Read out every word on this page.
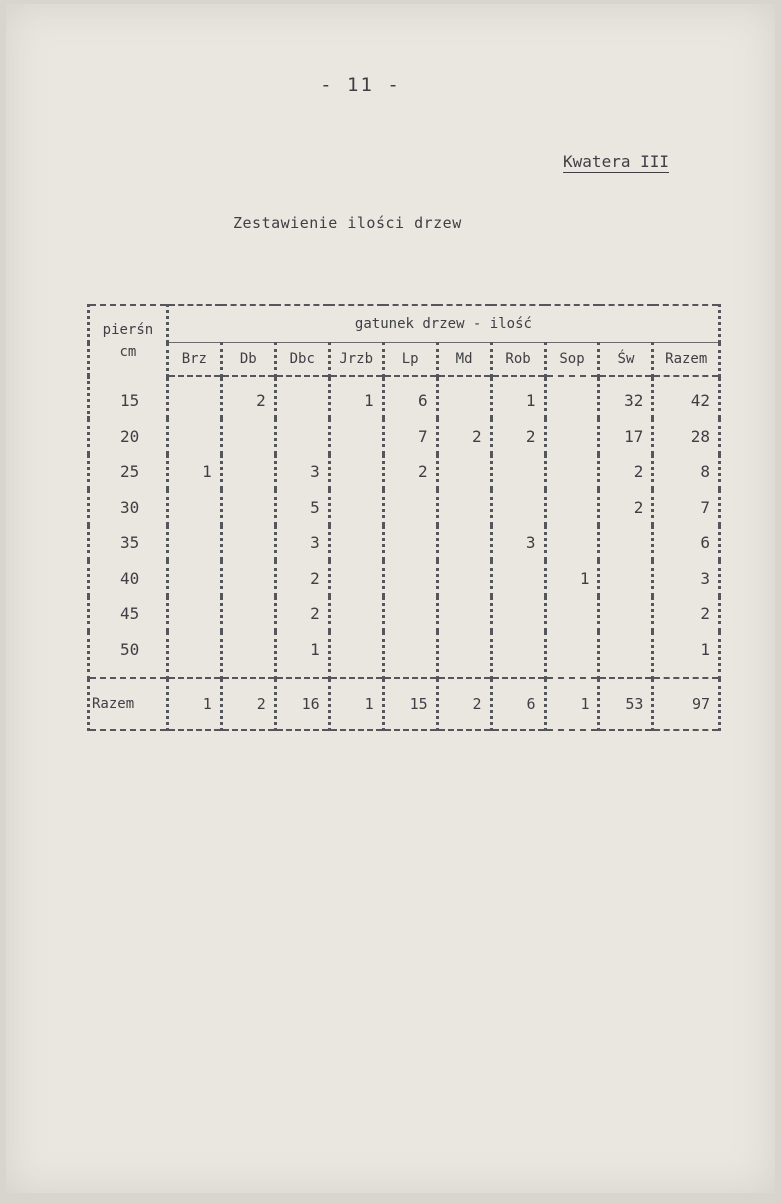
- 11 -
Kwatera III
Zestawienie ilości drzew
pierśn
cm	gatunek drzew - ilość									
	Brz	Db	Dbc	Jrzb	Lp	Md	Rob	Sop	Św	Razem
15		2		1	6		1		32	42
20					7	2	2		17	28
25	1		3		2				2	8
30			5						2	7
35			3				3			6
40			2					1		3
45			2							2
50			1							1
Razem	1	2	16	1	15	2	6	1	53	97
